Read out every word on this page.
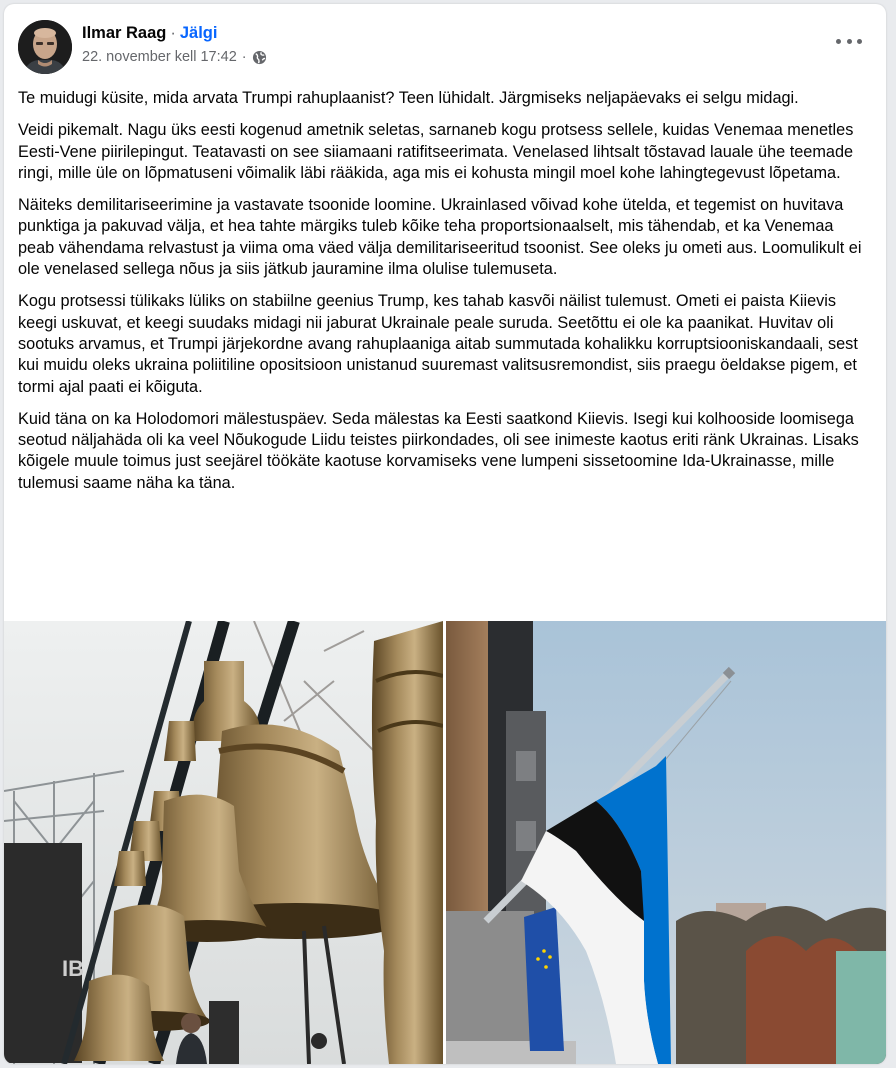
Ilmar Raag · Jälgi
22. november kell 17:42 ·

Te muidugi küsite, mida arvata Trumpi rahuplaanist? Teen lühidalt. Järgmiseks neljapäevaks ei selgu midagi.

Veidi pikemalt. Nagu üks eesti kogenud ametnik seletas, sarnaneb kogu protsess sellele, kuidas Venemaa menetles Eesti-Vene piirilepingut. Teatavasti on see siiamaani ratifitseerimata. Venelased lihtsalt tõstavad lauale ühe teemade ringi, mille üle on lõpmatuseni võimalik läbi rääkida, aga mis ei kohusta mingil moel kohe lahingtegevust lõpetama.

Näiteks demilitariseerimine ja vastavate tsoonide loomine. Ukrainlased võivad kohe ütelda, et tegemist on huvitava punktiga ja pakuvad välja, et hea tahte märgiks tuleb kõike teha proportsionaalselt, mis tähendab, et ka Venemaa peab vähendama relvastust ja viima oma väed välja demilitariseeritud tsoonist. See oleks ju ometi aus. Loomulikult ei ole venelased sellega nõus ja siis jätkub jauramine ilma olulise tulemuseta.

Kogu protsessi tülikaks lüliks on stabiilne geenius Trump, kes tahab kasvõi näilist tulemust. Ometi ei paista Kiievis keegi uskuvat, et keegi suudaks midagi nii jaburat Ukrainale peale suruda. Seetõttu ei ole ka paanikat. Huvitav oli sootuks arvamus, et Trumpi järjekordne avang rahuplaaniga aitab summutada kohalikku korruptsiooniskandaali, sest kui muidu oleks ukraina poliitiline opositsioon unistanud suuremast valitsusremondist, siis praegu öeldakse pigem, et tormi ajal paati ei kõiguta.

Kuid täna on ka Holodomori mälestuspäev. Seda mälestas ka Eesti saatkond Kiievis. Isegi kui kolhooside loomisega seotud näljahäda oli ka veel Nõukogude Liidu teistes piirkondades, oli see inimeste kaotus eriti ränk Ukrainas. Lisaks kõigele muule toimus just seejärel töökäte kaotuse korvamiseks vene lumpeni sissetoomine Ida-Ukrainasse, mille tulemusi saame näha ka täna.

IB
